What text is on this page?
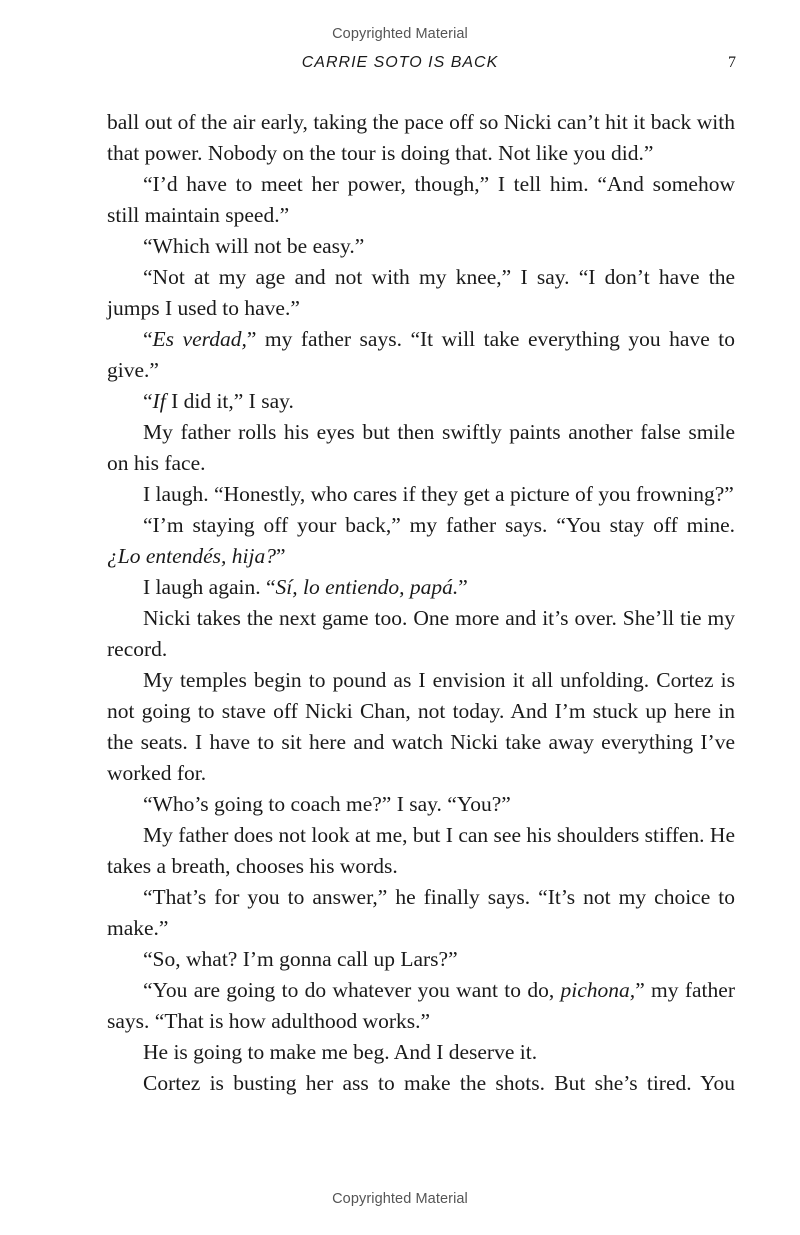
Copyrighted Material
CARRIE SOTO IS BACK	7

ball out of the air early, taking the pace off so Nicki can’t hit it back with that power. Nobody on the tour is doing that. Not like you did.”

“I’d have to meet her power, though,” I tell him. “And somehow still maintain speed.”

“Which will not be easy.”

“Not at my age and not with my knee,” I say. “I don’t have the jumps I used to have.”

“Es verdad,” my father says. “It will take everything you have to give.”

“If I did it,” I say.

My father rolls his eyes but then swiftly paints another false smile on his face.

I laugh. “Honestly, who cares if they get a picture of you frowning?”

“I’m staying off your back,” my father says. “You stay off mine. ¿Lo entendés, hija?”

I laugh again. “Sí, lo entiendo, papá.”

Nicki takes the next game too. One more and it’s over. She’ll tie my record.

My temples begin to pound as I envision it all unfolding. Cortez is not going to stave off Nicki Chan, not today. And I’m stuck up here in the seats. I have to sit here and watch Nicki take away everything I’ve worked for.

“Who’s going to coach me?” I say. “You?”

My father does not look at me, but I can see his shoulders stiffen. He takes a breath, chooses his words.

“That’s for you to answer,” he finally says. “It’s not my choice to make.”

“So, what? I’m gonna call up Lars?”

“You are going to do whatever you want to do, pichona,” my father says. “That is how adulthood works.”

He is going to make me beg. And I deserve it.

Cortez is busting her ass to make the shots. But she’s tired. You

Copyrighted Material
